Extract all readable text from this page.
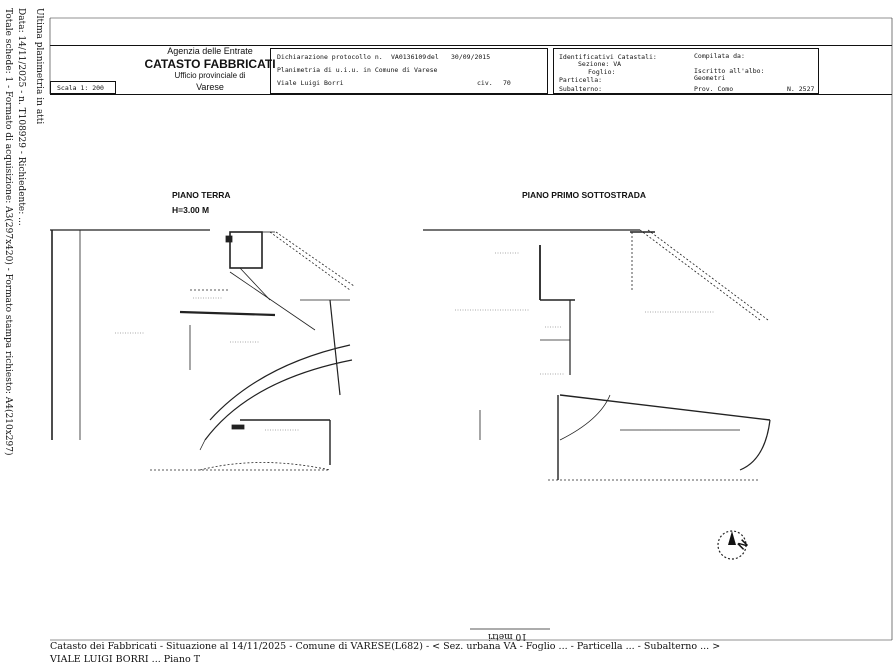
Ultima planimetria in atti
Data: 14/11/2025 - n. T108929 - Richiedente: ...
Totale schede: 1 - Formato di acquisizione: A3(297x420) - Formato stampa richiesto: A4(210x297)	Agenzia delle Entrate
CATASTO FABBRICATI
Ufficio provinciale di
Varese
Scala 1: 200
Dichiarazione protocollo n. VA0136109 del 30/09/2015
Planimetria di u.i.u. in Comune di Varese
Viale Luigi Borri	civ. 70
Identificativi Catastali:
Sezione: VA
Foglio:
Particella:
Subalterno:
Compilata da:
Iscritto all'albo:
Geometri
Prov. Como	N. 2527
PIANO TERRA
H=3.00 M
PIANO PRIMO SOTTOSTRADA
N
10 metri
Catasto dei Fabbricati - Situazione al 14/11/2025 - Comune di VARESE(L682) - < Sez. urbana VA - Foglio ... - Particella ... - Subalterno ... >
VIALE LUIGI BORRI ... Piano T
